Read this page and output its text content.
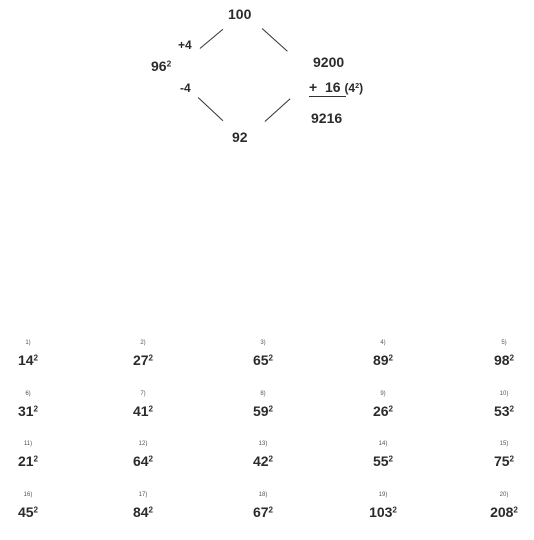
100
+4
$96^2$
-4
92
9200
+ 16 $(4^2)$
9216
1)
$14^2$
2)
$27^2$
3)
$65^2$
4)
$89^2$
5)
$98^2$
6)
$31^2$
7)
$41^2$
8)
$59^2$
9)
$26^2$
10)
$53^2$
11)
$21^2$
12)
$64^2$
13)
$42^2$
14)
$55^2$
15)
$75^2$
16)
$45^2$
17)
$84^2$
18)
$67^2$
19)
$103^2$
20)
$208^2$
